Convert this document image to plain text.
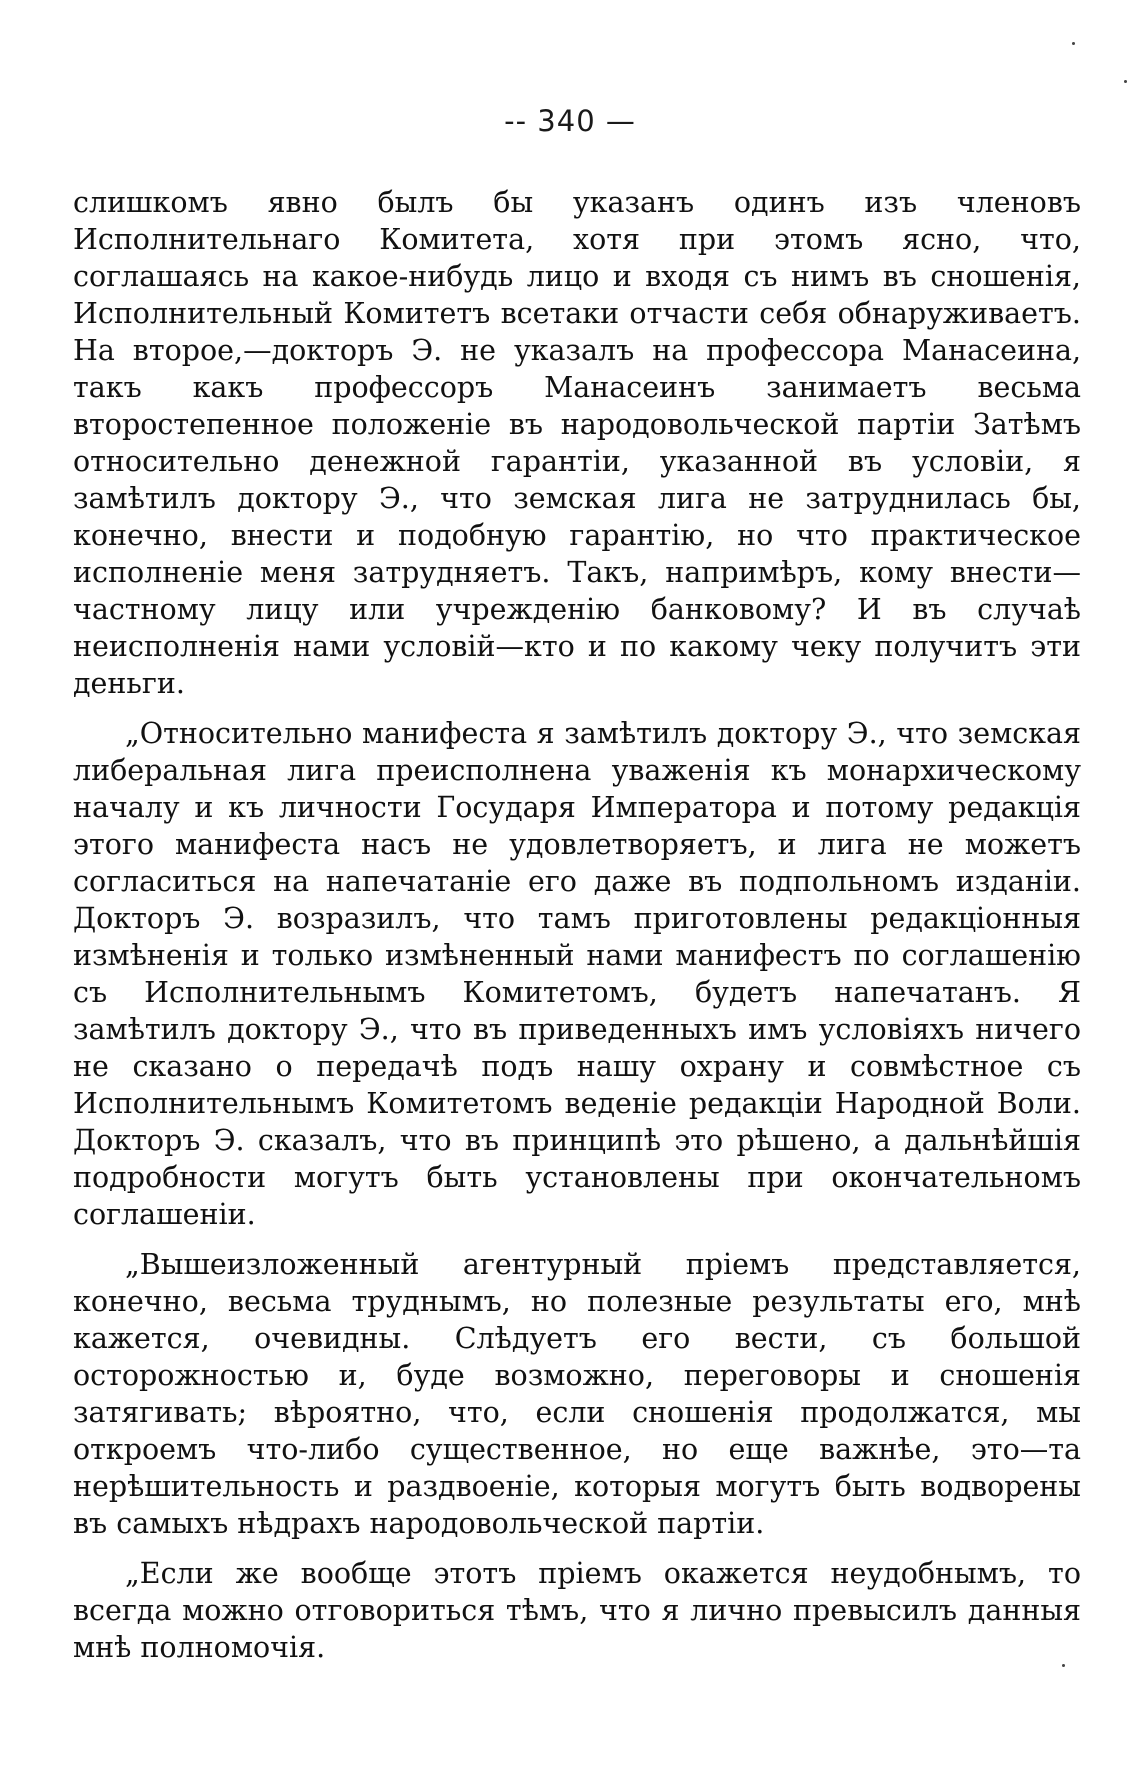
-- 340 —

слишкомъ явно былъ бы указанъ одинъ изъ членовъ Исполнительнаго Комитета, хотя при этомъ ясно, что, соглашаясь на какое-нибудь лицо и входя съ нимъ въ сношенія, Исполнительный Комитетъ всетаки отчасти себя обнаруживаетъ. На второе,—докторъ Э. не указалъ на профессора Манасеина, такъ какъ профессоръ Манасеинъ занимаетъ весьма второстепенное положеніе въ народовольческой партіи Затѣмъ относительно денежной гарантіи, указанной въ условіи, я замѣтилъ доктору Э., что земская лига не затруднилась бы, конечно, внести и подобную гарантію, но что практическое исполненіе меня затрудняетъ. Такъ, напримѣръ, кому внести—частному лицу или учрежденію банковому? И въ случаѣ неисполненія нами условій—кто и по какому чеку получитъ эти деньги.

„Относительно манифеста я замѣтилъ доктору Э., что земская либеральная лига преисполнена уваженія къ монархическому началу и къ личности Государя Императора и потому редакція этого манифеста насъ не удовлетворяетъ, и лига не можетъ согласиться на напечатаніе его даже въ подпольномъ изданіи. Докторъ Э. возразилъ, что тамъ приготовлены редакціонныя измѣненія и только измѣненный нами манифестъ по соглашенію съ Исполнительнымъ Комитетомъ, будетъ напечатанъ. Я замѣтилъ доктору Э., что въ приведенныхъ имъ условіяхъ ничего не сказано о передачѣ подъ нашу охрану и совмѣстное съ Исполнительнымъ Комитетомъ веденіе редакціи Народной Воли. Докторъ Э. сказалъ, что въ принципѣ это рѣшено, а дальнѣйшія подробности могутъ быть установлены при окончательномъ соглашеніи.

„Вышеизложенный агентурный пріемъ представляется, конечно, весьма труднымъ, но полезные результаты его, мнѣ кажется, очевидны. Слѣдуетъ его вести, съ большой осторожностью и, буде возможно, переговоры и сношенія затягивать; вѣроятно, что, если сношенія продолжатся, мы откроемъ что-либо существенное, но еще важнѣе, это—та нерѣшительность и раздвоеніе, которыя могутъ быть водворены въ самыхъ нѣдрахъ народовольческой партіи.

„Если же вообще этотъ пріемъ окажется неудобнымъ, то всегда можно отговориться тѣмъ, что я лично превысилъ данныя мнѣ полномочія.
